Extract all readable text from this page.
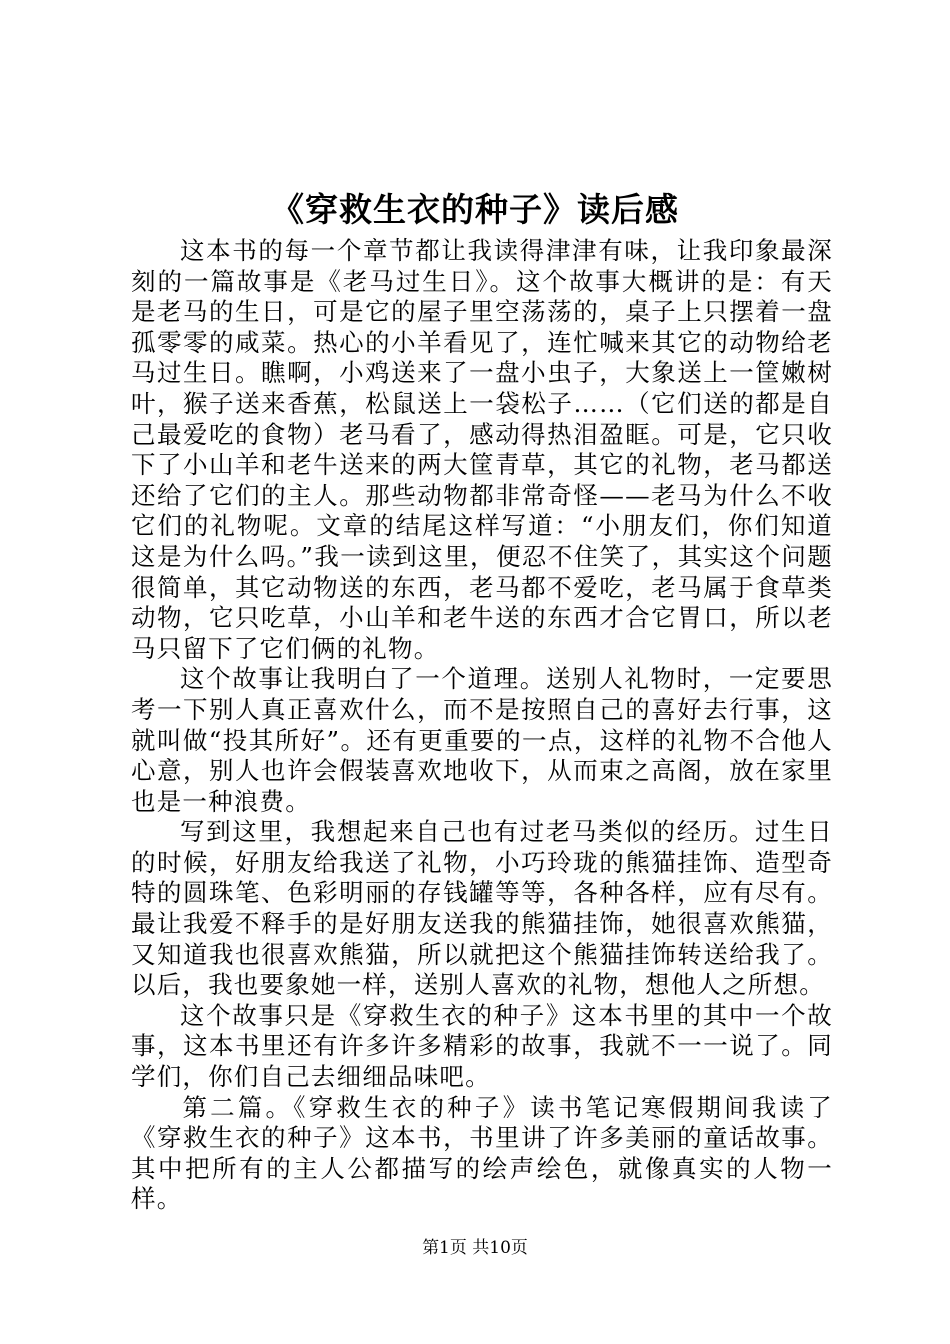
《穿救生衣的种子》读后感

这本书的每一个章节都让我读得津津有味，让我印象最深刻的一篇故事是《老马过生日》。这个故事大概讲的是：有天是老马的生日，可是它的屋子里空荡荡的，桌子上只摆着一盘孤零零的咸菜。热心的小羊看见了，连忙喊来其它的动物给老马过生日。瞧啊，小鸡送来了一盘小虫子，大象送上一筐嫩树叶，猴子送来香蕉，松鼠送上一袋松子……（它们送的都是自己最爱吃的食物）老马看了，感动得热泪盈眶。可是，它只收下了小山羊和老牛送来的两大筐青草，其它的礼物，老马都送还给了它们的主人。那些动物都非常奇怪——老马为什么不收它们的礼物呢。文章的结尾这样写道：“小朋友们，你们知道这是为什么吗。”我一读到这里，便忍不住笑了，其实这个问题很简单，其它动物送的东西，老马都不爱吃，老马属于食草类动物，它只吃草，小山羊和老牛送的东西才合它胃口，所以老马只留下了它们俩的礼物。

这个故事让我明白了一个道理。送别人礼物时，一定要思考一下别人真正喜欢什么，而不是按照自己的喜好去行事，这就叫做“投其所好”。还有更重要的一点，这样的礼物不合他人心意，别人也许会假装喜欢地收下，从而束之高阁，放在家里也是一种浪费。

写到这里，我想起来自己也有过老马类似的经历。过生日的时候，好朋友给我送了礼物，小巧玲珑的熊猫挂饰、造型奇特的圆珠笔、色彩明丽的存钱罐等等，各种各样，应有尽有。最让我爱不释手的是好朋友送我的熊猫挂饰，她很喜欢熊猫，又知道我也很喜欢熊猫，所以就把这个熊猫挂饰转送给我了。以后，我也要象她一样，送别人喜欢的礼物，想他人之所想。

这个故事只是《穿救生衣的种子》这本书里的其中一个故事，这本书里还有许多许多精彩的故事，我就不一一说了。同学们，你们自己去细细品味吧。

第二篇。《穿救生衣的种子》读书笔记寒假期间我读了《穿救生衣的种子》这本书，书里讲了许多美丽的童话故事。其中把所有的主人公都描写的绘声绘色，就像真实的人物一样。

第1页 共10页
